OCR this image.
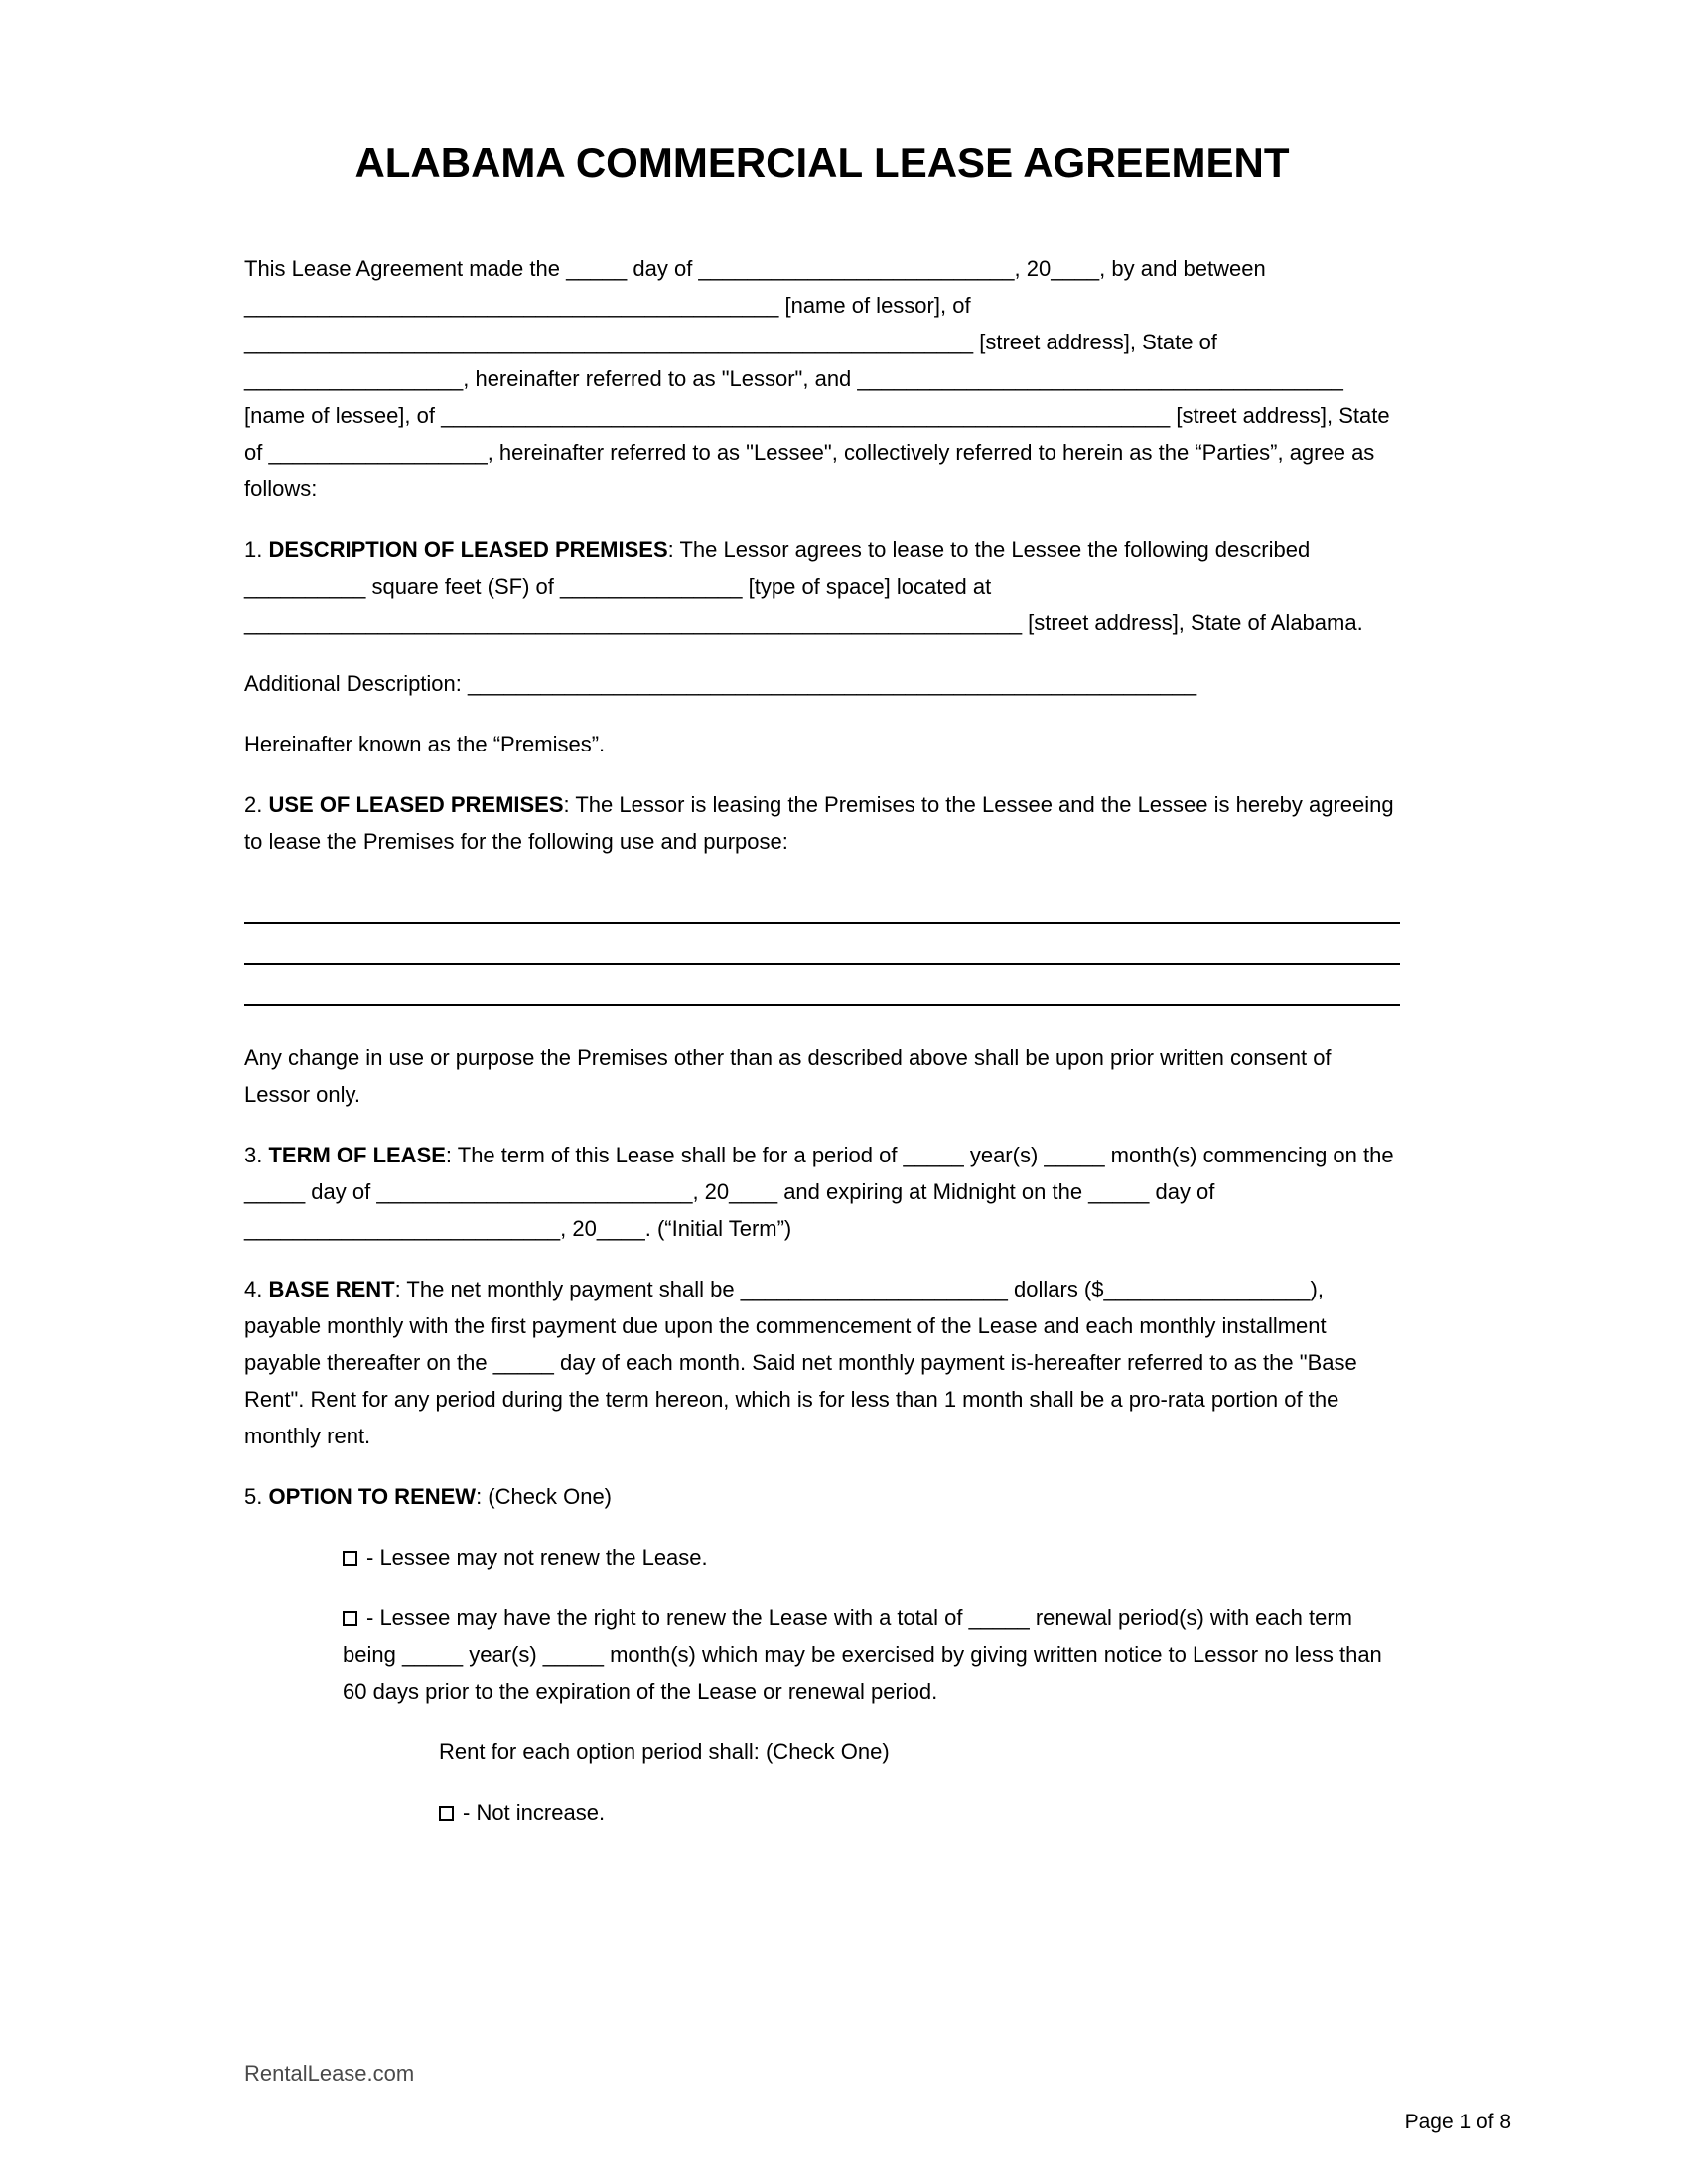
ALABAMA COMMERCIAL LEASE AGREEMENT

This Lease Agreement made the _____ day of __________________________, 20____, by and between ____________________________________________ [name of lessor], of ____________________________________________________________ [street address], State of __________________, hereinafter referred to as "Lessor", and ________________________________________ [name of lessee], of ____________________________________________________________ [street address], State of __________________, hereinafter referred to as "Lessee", collectively referred to herein as the “Parties”, agree as follows:

1. DESCRIPTION OF LEASED PREMISES: The Lessor agrees to lease to the Lessee the following described __________ square feet (SF) of _______________ [type of space] located at ________________________________________________________________ [street address], State of Alabama.

Additional Description: ____________________________________________________________

Hereinafter known as the “Premises”.

2. USE OF LEASED PREMISES: The Lessor is leasing the Premises to the Lessee and the Lessee is hereby agreeing to lease the Premises for the following use and purpose:

Any change in use or purpose the Premises other than as described above shall be upon prior written consent of Lessor only.

3. TERM OF LEASE: The term of this Lease shall be for a period of _____ year(s) _____ month(s) commencing on the _____ day of __________________________, 20____ and expiring at Midnight on the _____ day of __________________________, 20____. (“Initial Term”)

4. BASE RENT: The net monthly payment shall be ______________________ dollars ($_________________), payable monthly with the first payment due upon the commencement of the Lease and each monthly installment payable thereafter on the _____ day of each month. Said net monthly payment is-hereafter referred to as the "Base Rent". Rent for any period during the term hereon, which is for less than 1 month shall be a pro-rata portion of the monthly rent.

5. OPTION TO RENEW: (Check One)

- Lessee may not renew the Lease.

- Lessee may have the right to renew the Lease with a total of _____ renewal period(s) with each term being _____ year(s) _____ month(s) which may be exercised by giving written notice to Lessor no less than 60 days prior to the expiration of the Lease or renewal period.

Rent for each option period shall: (Check One)

- Not increase.

RentalLease.com
Page 1 of 8
